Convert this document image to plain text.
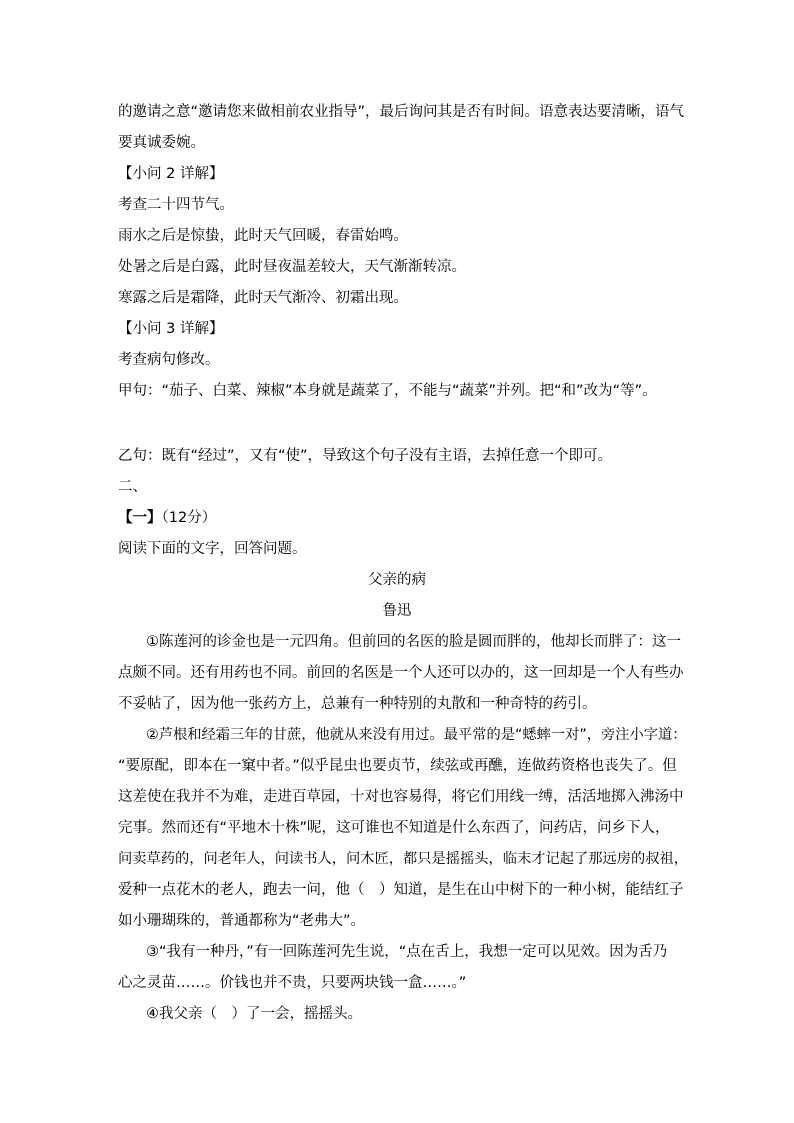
的邀请之意“邀请您来做相前农业指导”，最后询问其是否有时间。语意表达要清晰，语气
要真诚委婉。
【小问 2 详解】
考查二十四节气。
雨水之后是惊蛰，此时天气回暖，春雷始鸣。
处暑之后是白露，此时昼夜温差较大，天气渐渐转凉。
寒露之后是霜降，此时天气渐冷、初霜出现。
【小问 3 详解】
考查病句修改。
甲句：“茄子、白菜、辣椒”本身就是蔬菜了，不能与“蔬菜”并列。把“和”改为“等”。
乙句：既有“经过”，又有“使”，导致这个句子没有主语，去掉任意一个即可。
二、
【一】（12分）
阅读下面的文字，回答问题。
父亲的病
鲁迅
①陈莲河的诊金也是一元四角。但前回的名医的脸是圆而胖的，他却长而胖了：这一
点颇不同。还有用药也不同。前回的名医是一个人还可以办的，这一回却是一个人有些办
不妥帖了，因为他一张药方上，总兼有一种特别的丸散和一种奇特的药引。
②芦根和经霜三年的甘蔗，他就从来没有用过。最平常的是“蟋蟀一对”，旁注小字道：
“要原配，即本在一窠中者。”似乎昆虫也要贞节，续弦或再醮，连做药资格也丧失了。但
这差使在我并不为难，走进百草园，十对也容易得，将它们用线一缚，活活地掷入沸汤中
完事。然而还有“平地木十株”呢，这可谁也不知道是什么东西了，问药店，问乡下人，
问卖草药的，问老年人，问读书人，问木匠，都只是摇摇头，临末才记起了那远房的叔祖，
爱种一点花木的老人，跑去一问，他（　）知道，是生在山中树下的一种小树，能结红子
如小珊瑚珠的，普通都称为“老弗大”。
③“我有一种丹，”有一回陈莲河先生说，“点在舌上，我想一定可以见效。因为舌乃
心之灵苗……。价钱也并不贵，只要两块钱一盒……。”
④我父亲（　）了一会，摇摇头。
